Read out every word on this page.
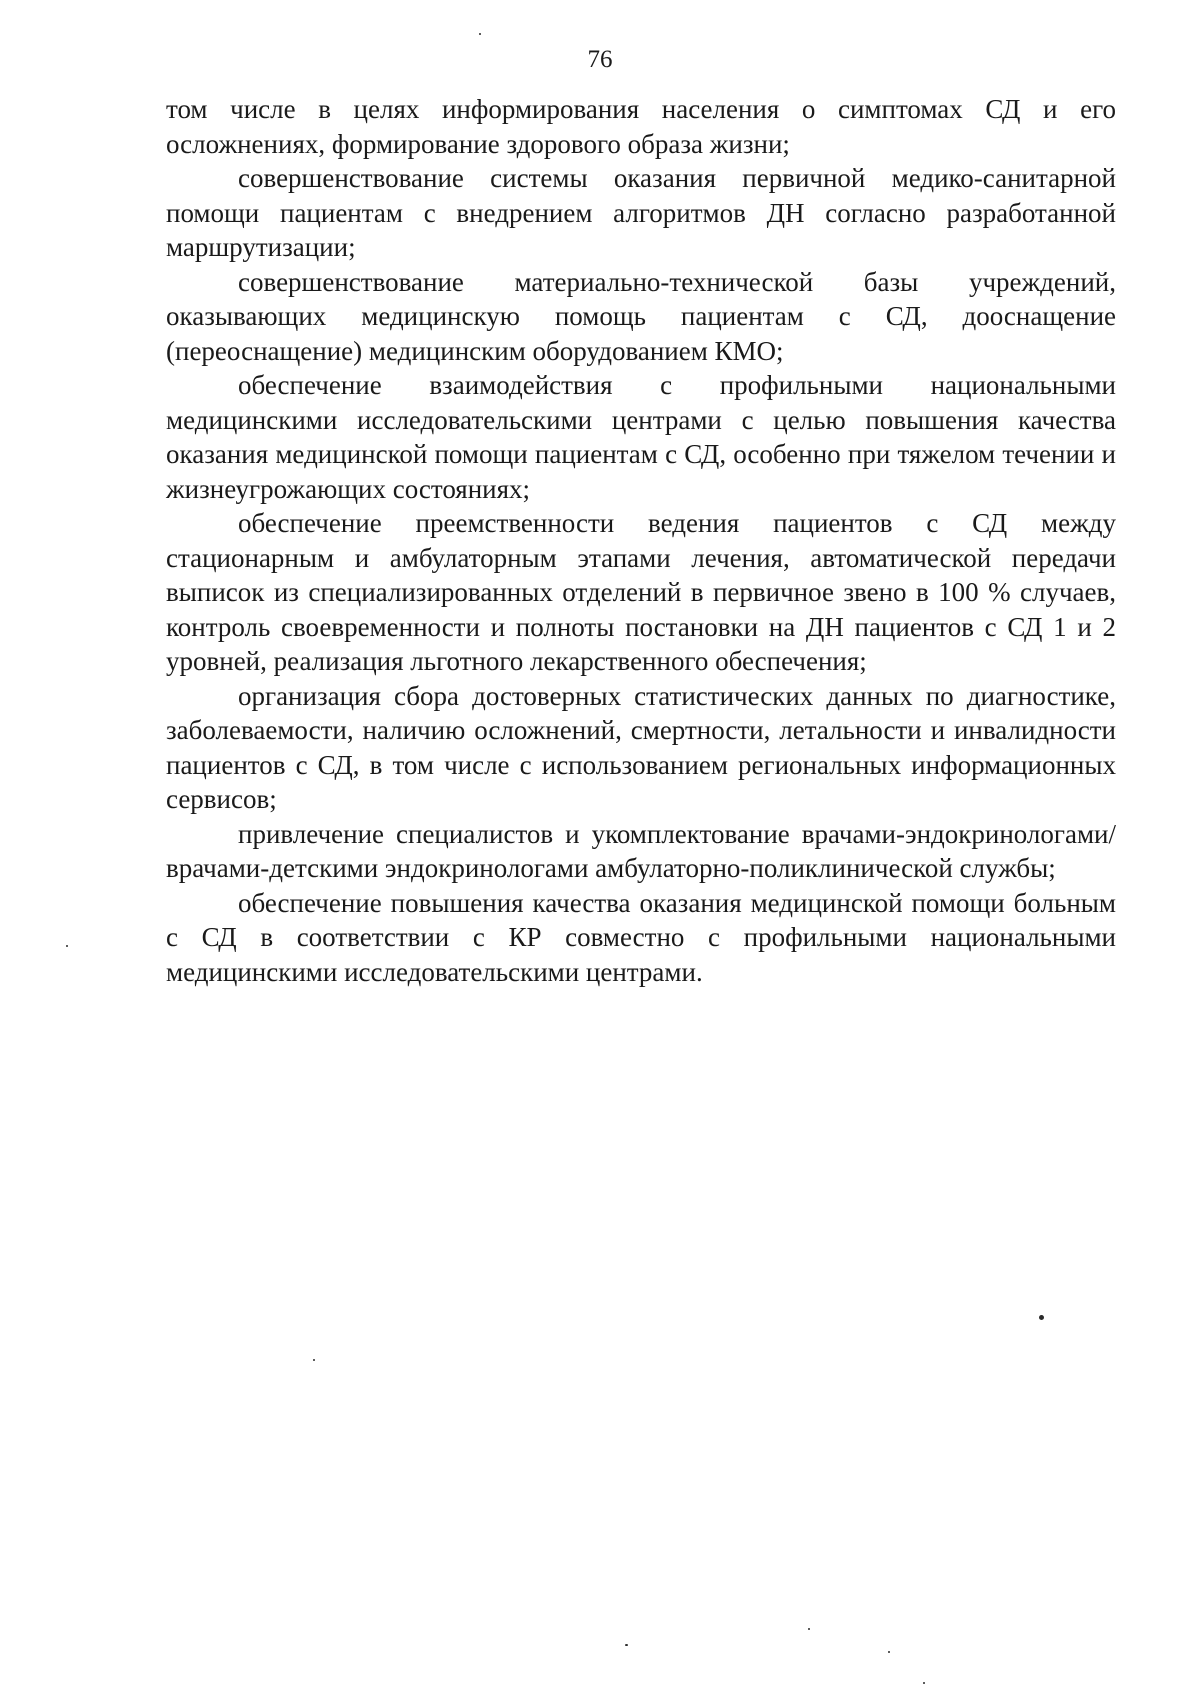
76

том числе в целях информирования населения о симптомах СД и его осложнениях, формирование здорового образа жизни;

совершенствование системы оказания первичной медико-санитарной помощи пациентам с внедрением алгоритмов ДН согласно разработанной маршрутизации;

совершенствование материально-технической базы учреждений, оказывающих медицинскую помощь пациентам с СД, дооснащение (переоснащение) медицинским оборудованием КМО;

обеспечение взаимодействия с профильными национальными медицинскими исследовательскими центрами с целью повышения качества оказания медицинской помощи пациентам с СД, особенно при тяжелом течении и жизнеугрожающих состояниях;

обеспечение преемственности ведения пациентов с СД между стационарным и амбулаторным этапами лечения, автоматической передачи выписок из специализированных отделений в первичное звено в 100 % случаев, контроль своевременности и полноты постановки на ДН пациентов с СД 1 и 2 уровней, реализация льготного лекарственного обеспечения;

организация сбора достоверных статистических данных по диагностике, заболеваемости, наличию осложнений, смертности, летальности и инвалидности пациентов с СД, в том числе с использованием региональных информационных сервисов;

привлечение специалистов и укомплектование врачами-эндокринологами/ врачами-детскими эндокринологами амбулаторно-поликлинической службы;

обеспечение повышения качества оказания медицинской помощи больным с СД в соответствии с КР совместно с профильными национальными медицинскими исследовательскими центрами.
